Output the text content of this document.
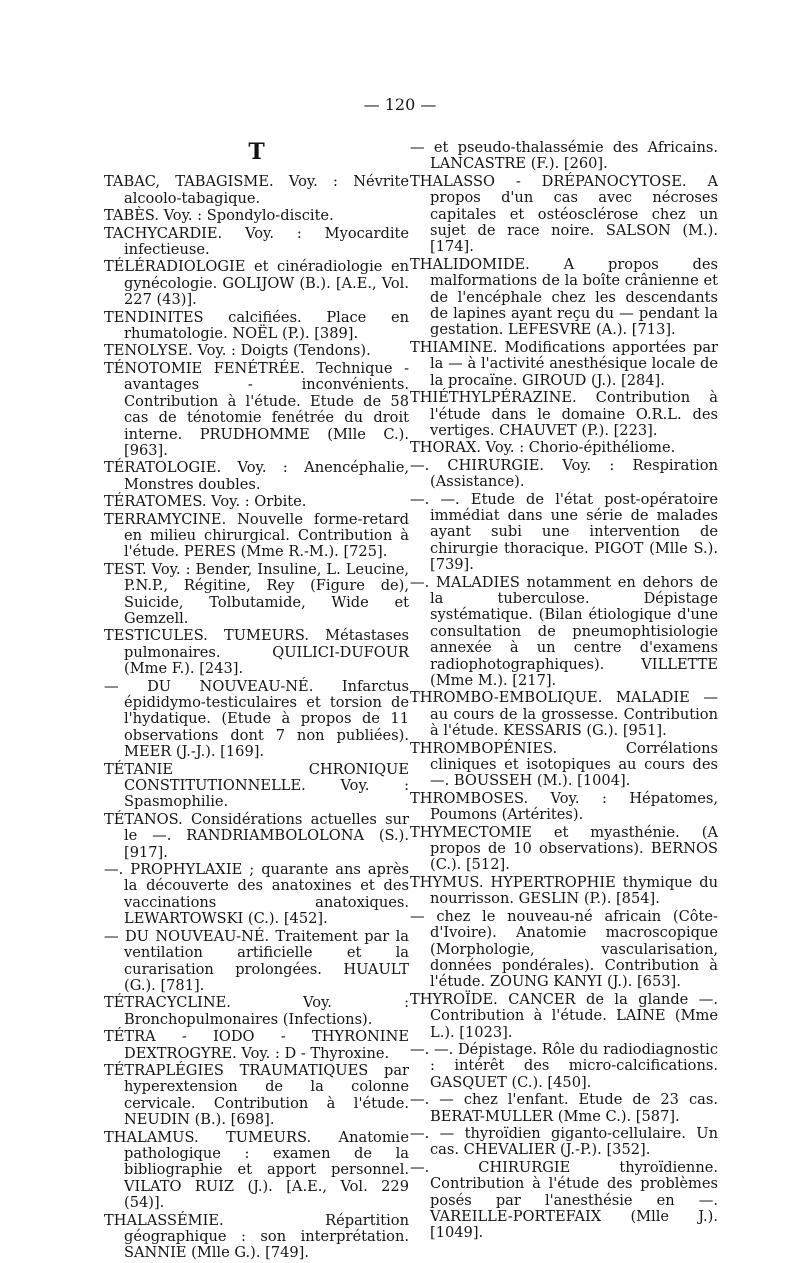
— 120 —
T

TABAC, TABAGISME. Voy. : Névrite alcoolo-tabagique.

TABÈS. Voy. : Spondylo-discite.

TACHYCARDIE. Voy. : Myocardite infectieuse.

TÉLÉRADIOLOGIE et cinéradiologie en gynécologie. GOLIJOW (B.). [A.E., Vol. 227 (43)].

TENDINITES calcifiées. Place en rhumatologie. NOËL (P.). [389].

TENOLYSE. Voy. : Doigts (Tendons).

TÉNOTOMIE FENÉTRÉE. Technique - avantages - inconvénients. Contribution à l'étude. Etude de 58 cas de ténotomie fenétrée du droit interne. PRUDHOMME (Mlle C.). [963].

TÉRATOLOGIE. Voy. : Anencéphalie, Monstres doubles.

TÉRATOMES. Voy. : Orbite.

TERRAMYCINE. Nouvelle forme-retard en milieu chirurgical. Contribution à l'étude. PERES (Mme R.-M.). [725].

TEST. Voy. : Bender, Insuline, L. Leucine, P.N.P., Régitine, Rey (Figure de), Suicide, Tolbutamide, Wide et Gemzell.

TESTICULES. TUMEURS. Métastases pulmonaires. QUILICI-DUFOUR (Mme F.). [243].

— DU NOUVEAU-NÉ. Infarctus épididymo-testiculaires et torsion de l'hydatique. (Etude à propos de 11 observations dont 7 non publiées). MEER (J.-J.). [169].

TÉTANIE CHRONIQUE CONSTITUTIONNELLE. Voy. : Spasmophilie.

TÉTANOS. Considérations actuelles sur le —. RANDRIAMBOLOLONA (S.). [917].

—. PROPHYLAXIE ; quarante ans après la découverte des anatoxines et des vaccinations anatoxiques. LEWARTOWSKI (C.). [452].

— DU NOUVEAU-NÉ. Traitement par la ventilation artificielle et la curarisation prolongées. HUAULT (G.). [781].

TÉTRACYCLINE. Voy. : Bronchopulmonaires (Infections).

TÉTRA - IODO - THYRONINE DEXTROGYRE. Voy. : D - Thyroxine.

TÉTRAPLÉGIES TRAUMATIQUES par hyperextension de la colonne cervicale. Contribution à l'étude. NEUDIN (B.). [698].

THALAMUS. TUMEURS. Anatomie pathologique : examen de la bibliographie et apport personnel. VILATO RUIZ (J.). [A.E., Vol. 229 (54)].

THALASSÉMIE. Répartition géographique : son interprétation. SANNIE (Mlle G.). [749].

— et pseudo-thalassémie des Africains. LANCASTRE (F.). [260].

THALASSO - DRÉPANOCYTOSE. A propos d'un cas avec nécroses capitales et ostéosclérose chez un sujet de race noire. SALSON (M.). [174].

THALIDOMIDE. A propos des malformations de la boîte crânienne et de l'encéphale chez les descendants de lapines ayant reçu du — pendant la gestation. LEFESVRE (A.). [713].

THIAMINE. Modifications apportées par la — à l'activité anesthésique locale de la procaïne. GIROUD (J.). [284].

THIÉTHYLPÉRAZINE. Contribution à l'étude dans le domaine O.R.L. des vertiges. CHAUVET (P.). [223].

THORAX. Voy. : Chorio-épithéliome.

—. CHIRURGIE. Voy. : Respiration (Assistance).

—. —. Etude de l'état post-opératoire immédiat dans une série de malades ayant subi une intervention de chirurgie thoracique. PIGOT (Mlle S.). [739].

—. MALADIES notamment en dehors de la tuberculose. Dépistage systématique. (Bilan étiologique d'une consultation de pneumophtisiologie annexée à un centre d'examens radiophotographiques). VILLETTE (Mme M.). [217].

THROMBO-EMBOLIQUE. MALADIE — au cours de la grossesse. Contribution à l'étude. KESSARIS (G.). [951].

THROMBOPÉNIES. Corrélations cliniques et isotopiques au cours des —. BOUSSEH (M.). [1004].

THROMBOSES. Voy. : Hépatomes, Poumons (Artérites).

THYMECTOMIE et myasthénie. (A propos de 10 observations). BERNOS (C.). [512].

THYMUS. HYPERTROPHIE thymique du nourrisson. GESLIN (P.). [854].

— chez le nouveau-né africain (Côte-d'Ivoire). Anatomie macroscopique (Morphologie, vascularisation, données pondérales). Contribution à l'étude. ZOUNG KANYI (J.). [653].

THYROÏDE. CANCER de la glande —. Contribution à l'étude. LAINE (Mme L.). [1023].

—. —. Dépistage. Rôle du radiodiagnostic : intérêt des micro-calcifications. GASQUET (C.). [450].

—. — chez l'enfant. Etude de 23 cas. BERAT-MULLER (Mme C.). [587].

—. — thyroïdien giganto-cellulaire. Un cas. CHEVALIER (J.-P.). [352].

—. CHIRURGIE thyroïdienne. Contribution à l'étude des problèmes posés par l'anesthésie en —. VAREILLE-PORTEFAIX (Mlle J.). [1049].
